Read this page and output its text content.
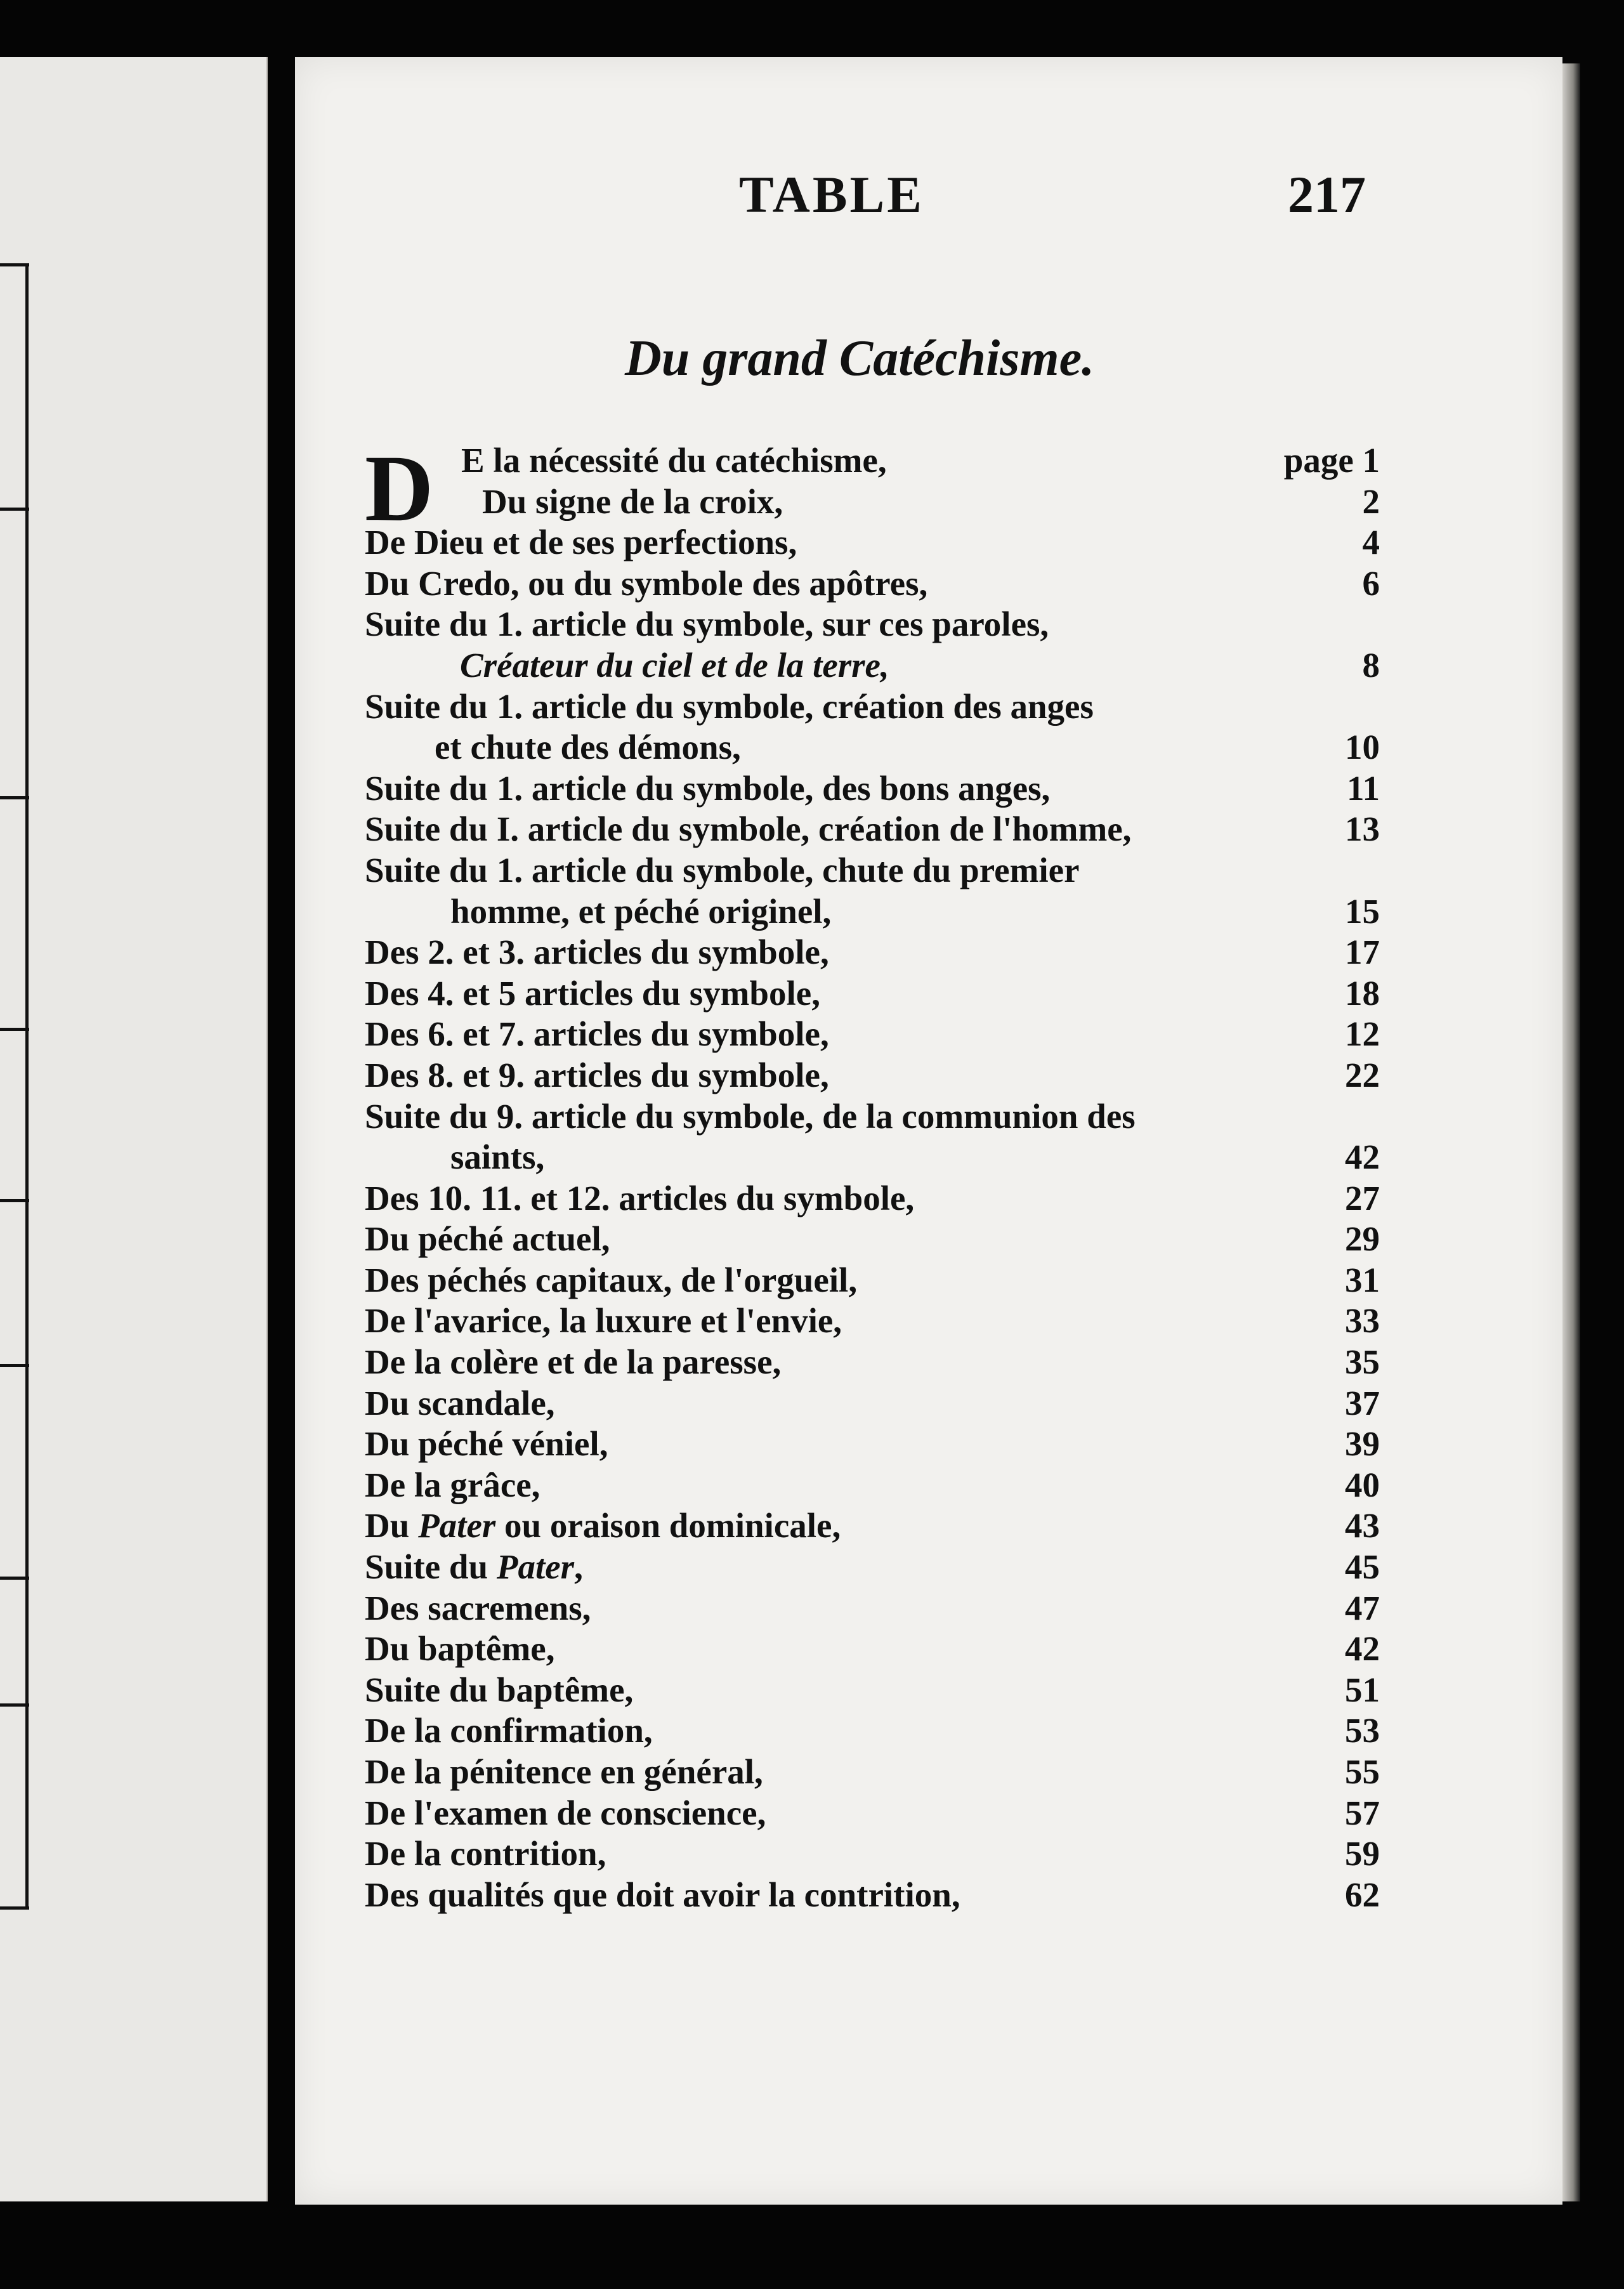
TABLE	217
Du grand Catéchisme.
D E la nécessité du catéchisme,	page 1
Du signe de la croix,	2
De Dieu et de ses perfections,	4
Du Credo, ou du symbole des apôtres,	6
Suite du 1. article du symbole, sur ces paroles,
Créateur du ciel et de la terre,	8
Suite du 1. article du symbole, création des anges
et chute des démons,	10
Suite du 1. article du symbole, des bons anges,	11
Suite du I. article du symbole, création de l'homme,	13
Suite du 1. article du symbole, chute du premier
homme, et péché originel,	15
Des 2. et 3. articles du symbole,	17
Des 4. et 5 articles du symbole,	18
Des 6. et 7. articles du symbole,	12
Des 8. et 9. articles du symbole,	22
Suite du 9. article du symbole, de la communion des
saints,	42
Des 10. 11. et 12. articles du symbole,	27
Du péché actuel,	29
Des péchés capitaux, de l'orgueil,	31
De l'avarice, la luxure et l'envie,	33
De la colère et de la paresse,	35
Du scandale,	37
Du péché véniel,	39
De la grâce,	40
Du Pater ou oraison dominicale,	43
Suite du Pater,	45
Des sacremens,	47
Du baptême,	42
Suite du baptême,	51
De la confirmation,	53
De la pénitence en général,	55
De l'examen de conscience,	57
De la contrition,	59
Des qualités que doit avoir la contrition,	62
